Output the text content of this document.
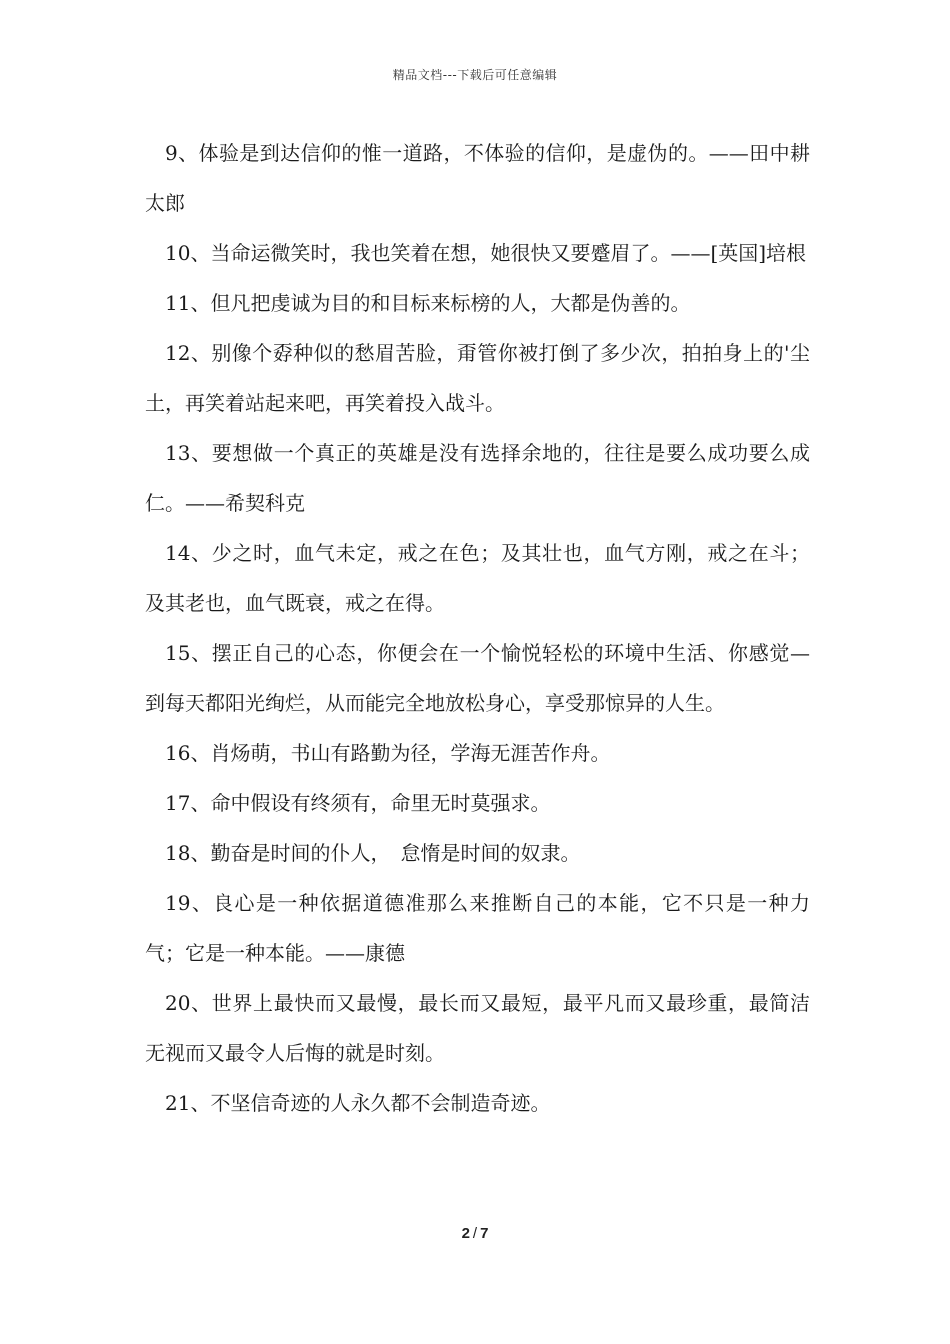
精品文档---下载后可任意编辑

9、体验是到达信仰的惟一道路，不体验的信仰，是虚伪的。——田中耕太郎

10、当命运微笑时，我也笑着在想，她很快又要蹙眉了。——[英国]培根

11、但凡把虔诚为目的和目标来标榜的人，大都是伪善的。

12、别像个孬种似的愁眉苦脸，甭管你被打倒了多少次，拍拍身上的'尘土，再笑着站起来吧，再笑着投入战斗。

13、要想做一个真正的英雄是没有选择余地的，往往是要么成功要么成仁。——希契科克

14、少之时，血气未定，戒之在色；及其壮也，血气方刚，戒之在斗；及其老也，血气既衰，戒之在得。

15、摆正自己的心态，你便会在一个愉悦轻松的环境中生活、你感觉—到每天都阳光绚烂，从而能完全地放松身心，享受那惊异的人生。

16、肖炀萌，书山有路勤为径，学海无涯苦作舟。

17、命中假设有终须有，命里无时莫强求。

18、勤奋是时间的仆人，　怠惰是时间的奴隶。

19、良心是一种依据道德准那么来推断自己的本能，它不只是一种力气；它是一种本能。——康德

20、世界上最快而又最慢，最长而又最短，最平凡而又最珍重，最简洁无视而又最令人后悔的就是时刻。

21、不坚信奇迹的人永久都不会制造奇迹。

2 / 7
